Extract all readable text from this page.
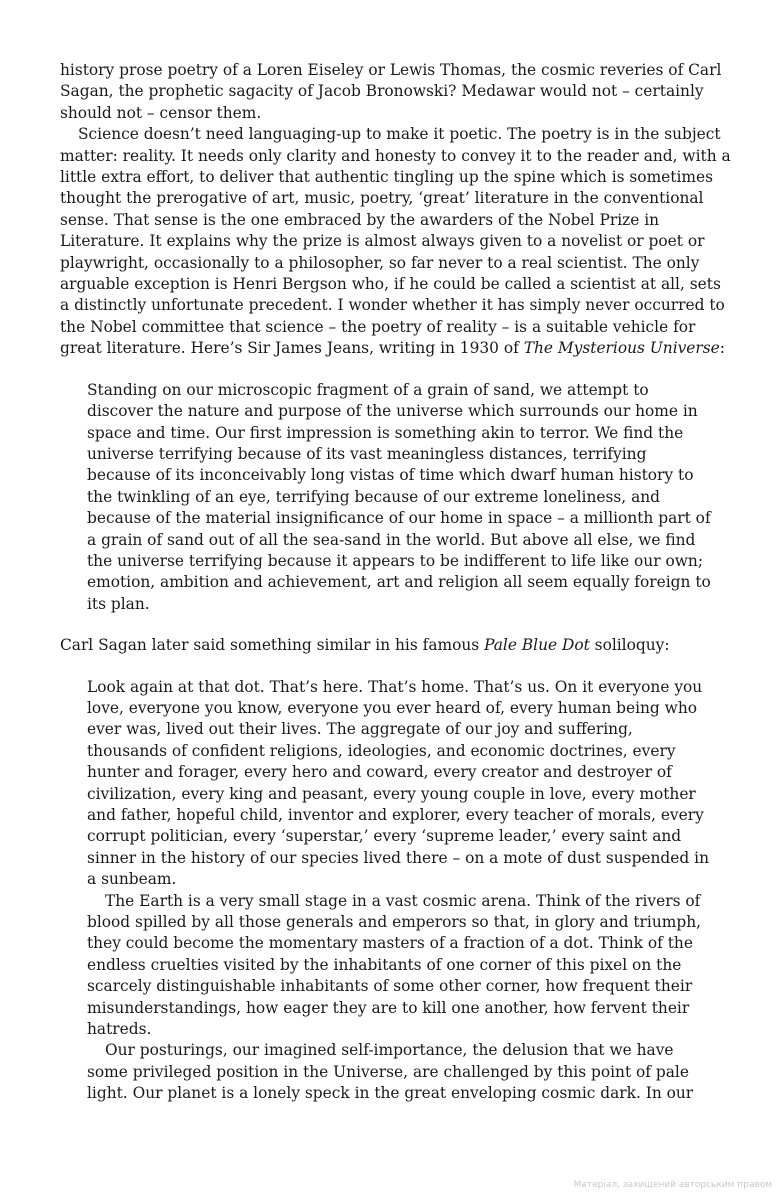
history prose poetry of a Loren Eiseley or Lewis Thomas, the cosmic reveries of Carl Sagan, the prophetic sagacity of Jacob Bronowski? Medawar would not – certainly should not – censor them.

Science doesn’t need languaging-up to make it poetic. The poetry is in the subject matter: reality. It needs only clarity and honesty to convey it to the reader and, with a little extra effort, to deliver that authentic tingling up the spine which is sometimes thought the prerogative of art, music, poetry, ‘great’ literature in the conventional sense. That sense is the one embraced by the awarders of the Nobel Prize in Literature. It explains why the prize is almost always given to a novelist or poet or playwright, occasionally to a philosopher, so far never to a real scientist. The only arguable exception is Henri Bergson who, if he could be called a scientist at all, sets a distinctly unfortunate precedent. I wonder whether it has simply never occurred to the Nobel committee that science – the poetry of reality – is a suitable vehicle for great literature. Here’s Sir James Jeans, writing in 1930 of The Mysterious Universe:

Standing on our microscopic fragment of a grain of sand, we attempt to discover the nature and purpose of the universe which surrounds our home in space and time. Our first impression is something akin to terror. We find the universe terrifying because of its vast meaningless distances, terrifying because of its inconceivably long vistas of time which dwarf human history to the twinkling of an eye, terrifying because of our extreme loneliness, and because of the material insignificance of our home in space – a millionth part of a grain of sand out of all the sea-sand in the world. But above all else, we find the universe terrifying because it appears to be indifferent to life like our own; emotion, ambition and achievement, art and religion all seem equally foreign to its plan.

Carl Sagan later said something similar in his famous Pale Blue Dot soliloquy:

Look again at that dot. That’s here. That’s home. That’s us. On it everyone you love, everyone you know, everyone you ever heard of, every human being who ever was, lived out their lives. The aggregate of our joy and suffering, thousands of confident religions, ideologies, and economic doctrines, every hunter and forager, every hero and coward, every creator and destroyer of civilization, every king and peasant, every young couple in love, every mother and father, hopeful child, inventor and explorer, every teacher of morals, every corrupt politician, every ‘superstar,’ every ‘supreme leader,’ every saint and sinner in the history of our species lived there – on a mote of dust suspended in a sunbeam.

The Earth is a very small stage in a vast cosmic arena. Think of the rivers of blood spilled by all those generals and emperors so that, in glory and triumph, they could become the momentary masters of a fraction of a dot. Think of the endless cruelties visited by the inhabitants of one corner of this pixel on the scarcely distinguishable inhabitants of some other corner, how frequent their misunderstandings, how eager they are to kill one another, how fervent their hatreds.

Our posturings, our imagined self-importance, the delusion that we have some privileged position in the Universe, are challenged by this point of pale light. Our planet is a lonely speck in the great enveloping cosmic dark. In our

Матеріал, захищений авторським правом
